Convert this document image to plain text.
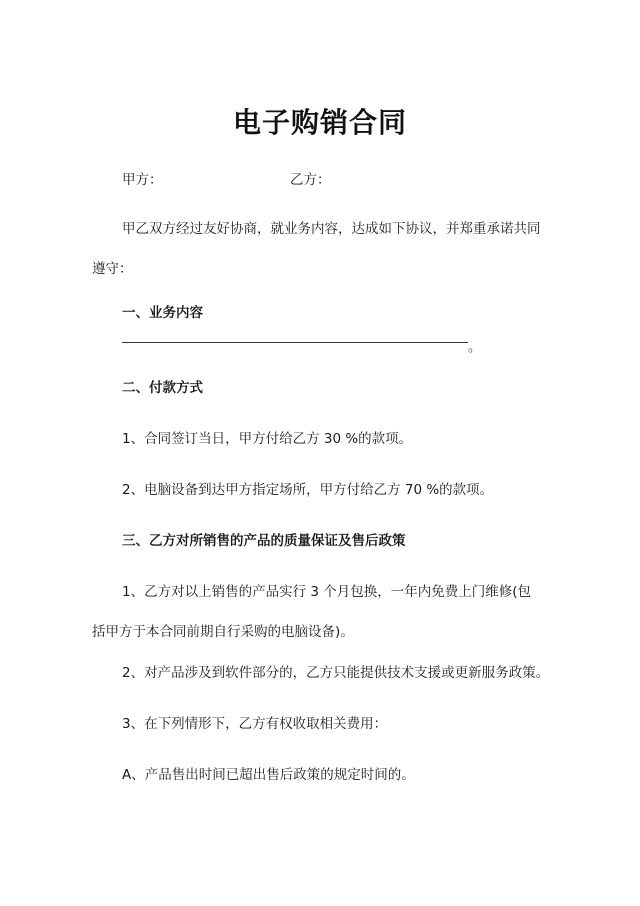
电子购销合同
甲方：	乙方：
甲乙双方经过友好协商，就业务内容，达成如下协议，并郑重承诺共同遵守：
一、业务内容
。
二、付款方式
1、合同签订当日，甲方付给乙方 30 %的款项。
2、电脑设备到达甲方指定场所，甲方付给乙方 70 %的款项。
三、乙方对所销售的产品的质量保证及售后政策
1、乙方对以上销售的产品实行 3 个月包换，一年内免费上门维修(包括甲方于本合同前期自行采购的电脑设备)。
2、对产品涉及到软件部分的，乙方只能提供技术支援或更新服务政策。
3、在下列情形下，乙方有权收取相关费用：
A、产品售出时间已超出售后政策的规定时间的。
